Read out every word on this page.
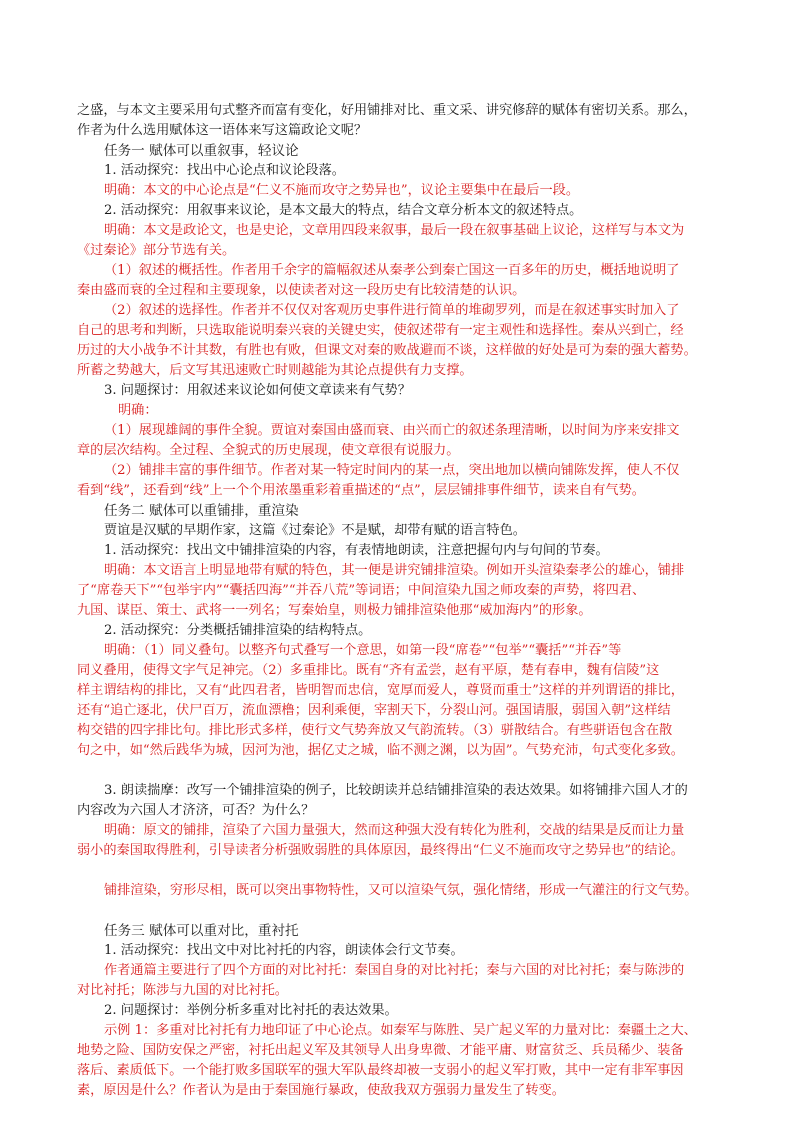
之盛，与本文主要采用句式整齐而富有变化，好用铺排对比、重文采、讲究修辞的赋体有密切关系。那么，
作者为什么选用赋体这一语体来写这篇政论文呢？
任务一 赋体可以重叙事，轻议论
1. 活动探究：找出中心论点和议论段落。
明确：本文的中心论点是“仁义不施而攻守之势异也”，议论主要集中在最后一段。
2. 活动探究：用叙事来议论，是本文最大的特点，结合文章分析本文的叙述特点。
明确：本文是政论文，也是史论，文章用四段来叙事，最后一段在叙事基础上议论，这样写与本文为
《过秦论》部分节选有关。
（1）叙述的概括性。作者用千余字的篇幅叙述从秦孝公到秦亡国这一百多年的历史，概括地说明了
秦由盛而衰的全过程和主要现象，以使读者对这一段历史有比较清楚的认识。
（2）叙述的选择性。作者并不仅仅对客观历史事件进行简单的堆砌罗列，而是在叙述事实时加入了
自己的思考和判断，只选取能说明秦兴衰的关键史实，使叙述带有一定主观性和选择性。秦从兴到亡，经
历过的大小战争不计其数，有胜也有败，但课文对秦的败战避而不谈，这样做的好处是可为秦的强大蓄势。
所蓄之势越大，后文写其迅速败亡时则越能为其论点提供有力支撑。
3. 问题探讨：用叙述来议论如何使文章读来有气势？
明确：
（1）展现雄阔的事件全貌。贾谊对秦国由盛而衰、由兴而亡的叙述条理清晰，以时间为序来安排文
章的层次结构。全过程、全貌式的历史展现，使文章很有说服力。
（2）铺排丰富的事件细节。作者对某一特定时间内的某一点，突出地加以横向铺陈发挥，使人不仅
看到“线”，还看到“线”上一个个用浓墨重彩着重描述的“点”，层层铺排事件细节，读来自有气势。
任务二 赋体可以重铺排，重渲染
贾谊是汉赋的早期作家，这篇《过秦论》不是赋，却带有赋的语言特色。
1. 活动探究：找出文中铺排渲染的内容，有表情地朗读，注意把握句内与句间的节奏。
明确：本文语言上明显地带有赋的特色，其一便是讲究铺排渲染。例如开头渲染秦孝公的雄心，铺排
了“席卷天下”“包举宇内”“囊括四海”“并吞八荒”等词语；中间渲染九国之师攻秦的声势，将四君、
九国、谋臣、策士、武将一一列名；写秦始皇，则极力铺排渲染他那“威加海内”的形象。
2. 活动探究：分类概括铺排渲染的结构特点。
明确：（1）同义叠句。以整齐句式叠写一个意思，如第一段“席卷”“包举”“囊括”“并吞”等
同义叠用，使得文字气足神完。（2）多重排比。既有“齐有孟尝，赵有平原，楚有春申，魏有信陵”这
样主谓结构的排比，又有“此四君者，皆明智而忠信，宽厚而爱人，尊贤而重士”这样的并列谓语的排比，
还有“追亡逐北，伏尸百万，流血漂橹；因利乘便，宰割天下，分裂山河。强国请服，弱国入朝”这样结
构交错的四字排比句。排比形式多样，使行文气势奔放又气韵流转。（3）骈散结合。有些骈语包含在散
句之中，如“然后践华为城，因河为池，据亿丈之城，临不测之渊，以为固”。气势充沛，句式变化多致。
3. 朗读揣摩：改写一个铺排渲染的例子，比较朗读并总结铺排渲染的表达效果。如将铺排六国人才的
内容改为六国人才济济，可否？为什么？
明确：原文的铺排，渲染了六国力量强大，然而这种强大没有转化为胜利，交战的结果是反而让力量
弱小的秦国取得胜利，引导读者分析强败弱胜的具体原因，最终得出“仁义不施而攻守之势异也”的结论。
铺排渲染，穷形尽相，既可以突出事物特性，又可以渲染气氛，强化情绪，形成一气灌注的行文气势。
任务三 赋体可以重对比，重衬托
1. 活动探究：找出文中对比衬托的内容，朗读体会行文节奏。
作者通篇主要进行了四个方面的对比衬托：秦国自身的对比衬托；秦与六国的对比衬托；秦与陈涉的
对比衬托；陈涉与九国的对比衬托。
2. 问题探讨：举例分析多重对比衬托的表达效果。
示例 1：多重对比衬托有力地印证了中心论点。如秦军与陈胜、吴广起义军的力量对比：秦疆土之大、
地势之险、国防安保之严密，衬托出起义军及其领导人出身卑微、才能平庸、财富贫乏、兵员稀少、装备
落后、素质低下。一个能打败多国联军的强大军队最终却被一支弱小的起义军打败，其中一定有非军事因
素，原因是什么？作者认为是由于秦国施行暴政，使敌我双方强弱力量发生了转变。
